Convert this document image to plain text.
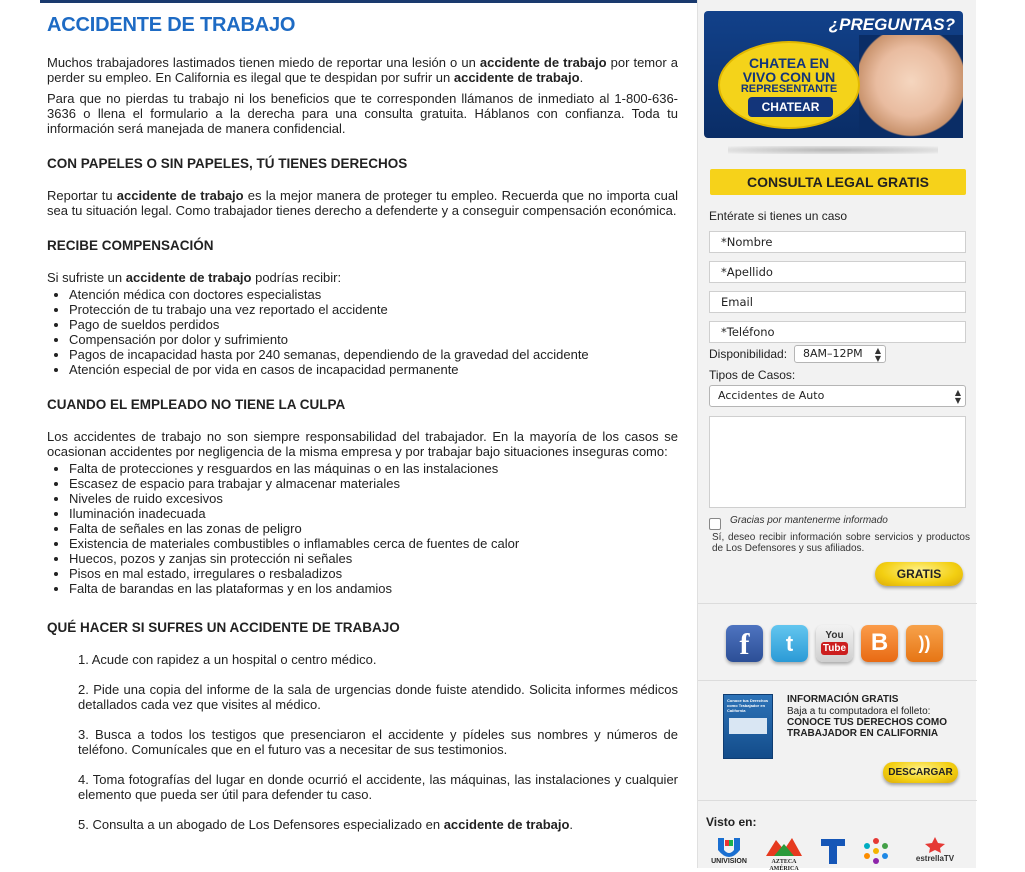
ACCIDENTE DE TRABAJO

Muchos trabajadores lastimados tienen miedo de reportar una lesión o un accidente de trabajo por temor a perder su empleo. En California es ilegal que te despidan por sufrir un accidente de trabajo.

Para que no pierdas tu trabajo ni los beneficios que te corresponden llámanos de inmediato al 1-800-636-3636 o llena el formulario a la derecha para una consulta gratuita. Háblanos con confianza. Toda tu información será manejada de manera confidencial.

CON PAPELES O SIN PAPELES, TÚ TIENES DERECHOS

Reportar tu accidente de trabajo es la mejor manera de proteger tu empleo. Recuerda que no importa cual sea tu situación legal. Como trabajador tienes derecho a defenderte y a conseguir compensación económica.

RECIBE COMPENSACIÓN

Si sufriste un accidente de trabajo podrías recibir:

• Atención médica con doctores especialistas
• Protección de tu trabajo una vez reportado el accidente
• Pago de sueldos perdidos
• Compensación por dolor y sufrimiento
• Pagos de incapacidad hasta por 240 semanas, dependiendo de la gravedad del accidente
• Atención especial de por vida en casos de incapacidad permanente
CUANDO EL EMPLEADO NO TIENE LA CULPA

Los accidentes de trabajo no son siempre responsabilidad del trabajador. En la mayoría de los casos se ocasionan accidentes por negligencia de la misma empresa y por trabajar bajo situaciones inseguras como:

• Falta de protecciones y resguardos en las máquinas o en las instalaciones
• Escasez de espacio para trabajar y almacenar materiales
• Niveles de ruido excesivos
• Iluminación inadecuada
• Falta de señales en las zonas de peligro
• Existencia de materiales combustibles o inflamables cerca de fuentes de calor
• Huecos, pozos y zanjas sin protección ni señales
• Pisos en mal estado, irregulares o resbaladizos
• Falta de barandas en las plataformas y en los andamios
QUÉ HACER SI SUFRES UN ACCIDENTE DE TRABAJO
1. Acude con rapidez a un hospital o centro médico.
2. Pide una copia del informe de la sala de urgencias donde fuiste atendido. Solicita informes médicos detallados cada vez que visites al médico.
3. Busca a todos los testigos que presenciaron el accidente y pídeles sus nombres y números de teléfono. Comunícales que en el futuro vas a necesitar de sus testimonios.
4. Toma fotografías del lugar en donde ocurrió el accidente, las máquinas, las instalaciones y cualquier elemento que pueda ser útil para defender tu caso.
5. Consulta a un abogado de Los Defensores especializado en accidente de trabajo.
¿PREGUNTAS?
CHATEA EN
VIVO CON UN
REPRESENTANTE
CHATEAR
CONSULTA LEGAL GRATIS
Entérate si tienes un caso
*Nombre
*Apellido
Email
*Teléfono
Disponibilidad:	8AM–12PM ▲
▼
Tipos de Casos:
Accidentes de Auto	▲
▼
Gracias por mantenerme informado
Sí, deseo recibir información sobre servicios y productos de Los Defensores y sus afiliados.
GRATIS
f	t	You
Tube	B	))
Conoce tus Derechos como Trabajador en California
INFORMACIÓN GRATIS
Baja a tu computadora el folleto:
CONOCE TUS DERECHOS COMO TRABAJADOR EN CALIFORNIA
DESCARGAR
Visto en:
UNIVISION	AZTECA AMÉRICA
estrellaTV
